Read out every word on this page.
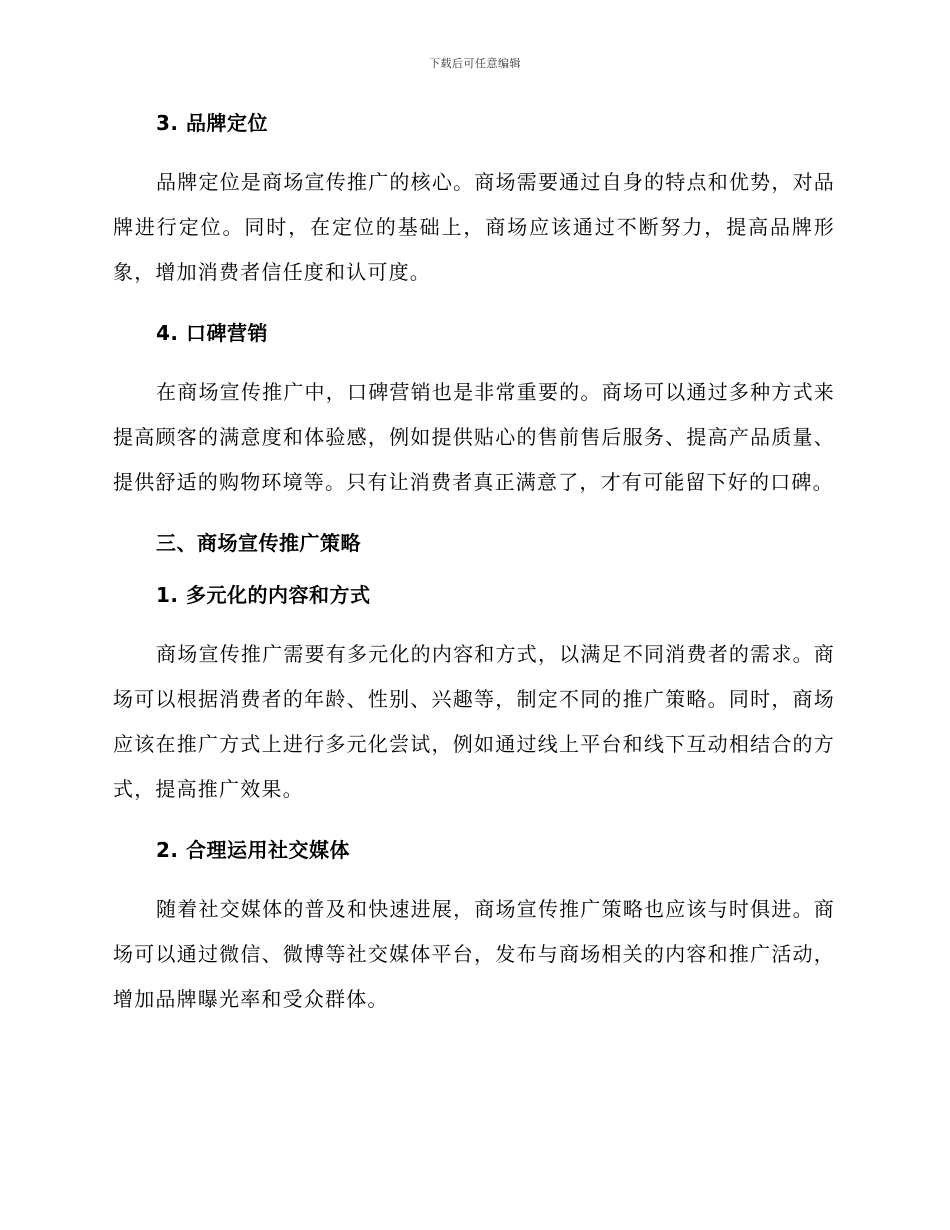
下载后可任意编辑
3. 品牌定位

品牌定位是商场宣传推广的核心。商场需要通过自身的特点和优势，对品牌进行定位。同时，在定位的基础上，商场应该通过不断努力，提高品牌形象，增加消费者信任度和认可度。

4. 口碑营销

在商场宣传推广中，口碑营销也是非常重要的。商场可以通过多种方式来提高顾客的满意度和体验感，例如提供贴心的售前售后服务、提高产品质量、提供舒适的购物环境等。只有让消费者真正满意了，才有可能留下好的口碑。

三、商场宣传推广策略
1. 多元化的内容和方式

商场宣传推广需要有多元化的内容和方式，以满足不同消费者的需求。商场可以根据消费者的年龄、性别、兴趣等，制定不同的推广策略。同时，商场应该在推广方式上进行多元化尝试，例如通过线上平台和线下互动相结合的方式，提高推广效果。

2. 合理运用社交媒体

随着社交媒体的普及和快速进展，商场宣传推广策略也应该与时俱进。商场可以通过微信、微博等社交媒体平台，发布与商场相关的内容和推广活动，增加品牌曝光率和受众群体。
